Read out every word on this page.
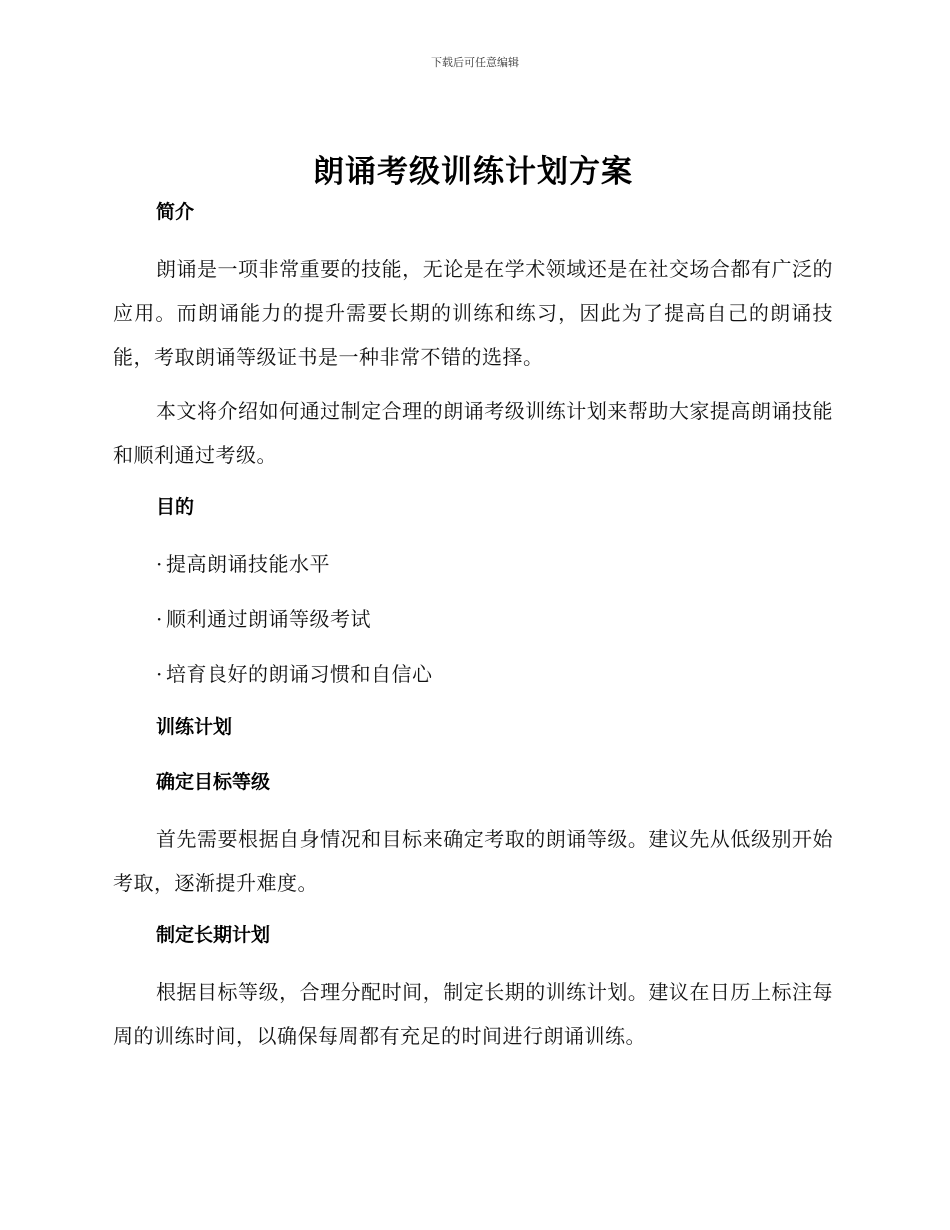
下载后可任意编辑
朗诵考级训练计划方案
简介

朗诵是一项非常重要的技能，无论是在学术领域还是在社交场合都有广泛的应用。而朗诵能力的提升需要长期的训练和练习，因此为了提高自己的朗诵技能，考取朗诵等级证书是一种非常不错的选择。

本文将介绍如何通过制定合理的朗诵考级训练计划来帮助大家提高朗诵技能和顺利通过考级。

目的
· 提高朗诵技能水平
· 顺利通过朗诵等级考试
· 培育良好的朗诵习惯和自信心
训练计划
确定目标等级

首先需要根据自身情况和目标来确定考取的朗诵等级。建议先从低级别开始考取，逐渐提升难度。

制定长期计划

根据目标等级，合理分配时间，制定长期的训练计划。建议在日历上标注每周的训练时间，以确保每周都有充足的时间进行朗诵训练。
